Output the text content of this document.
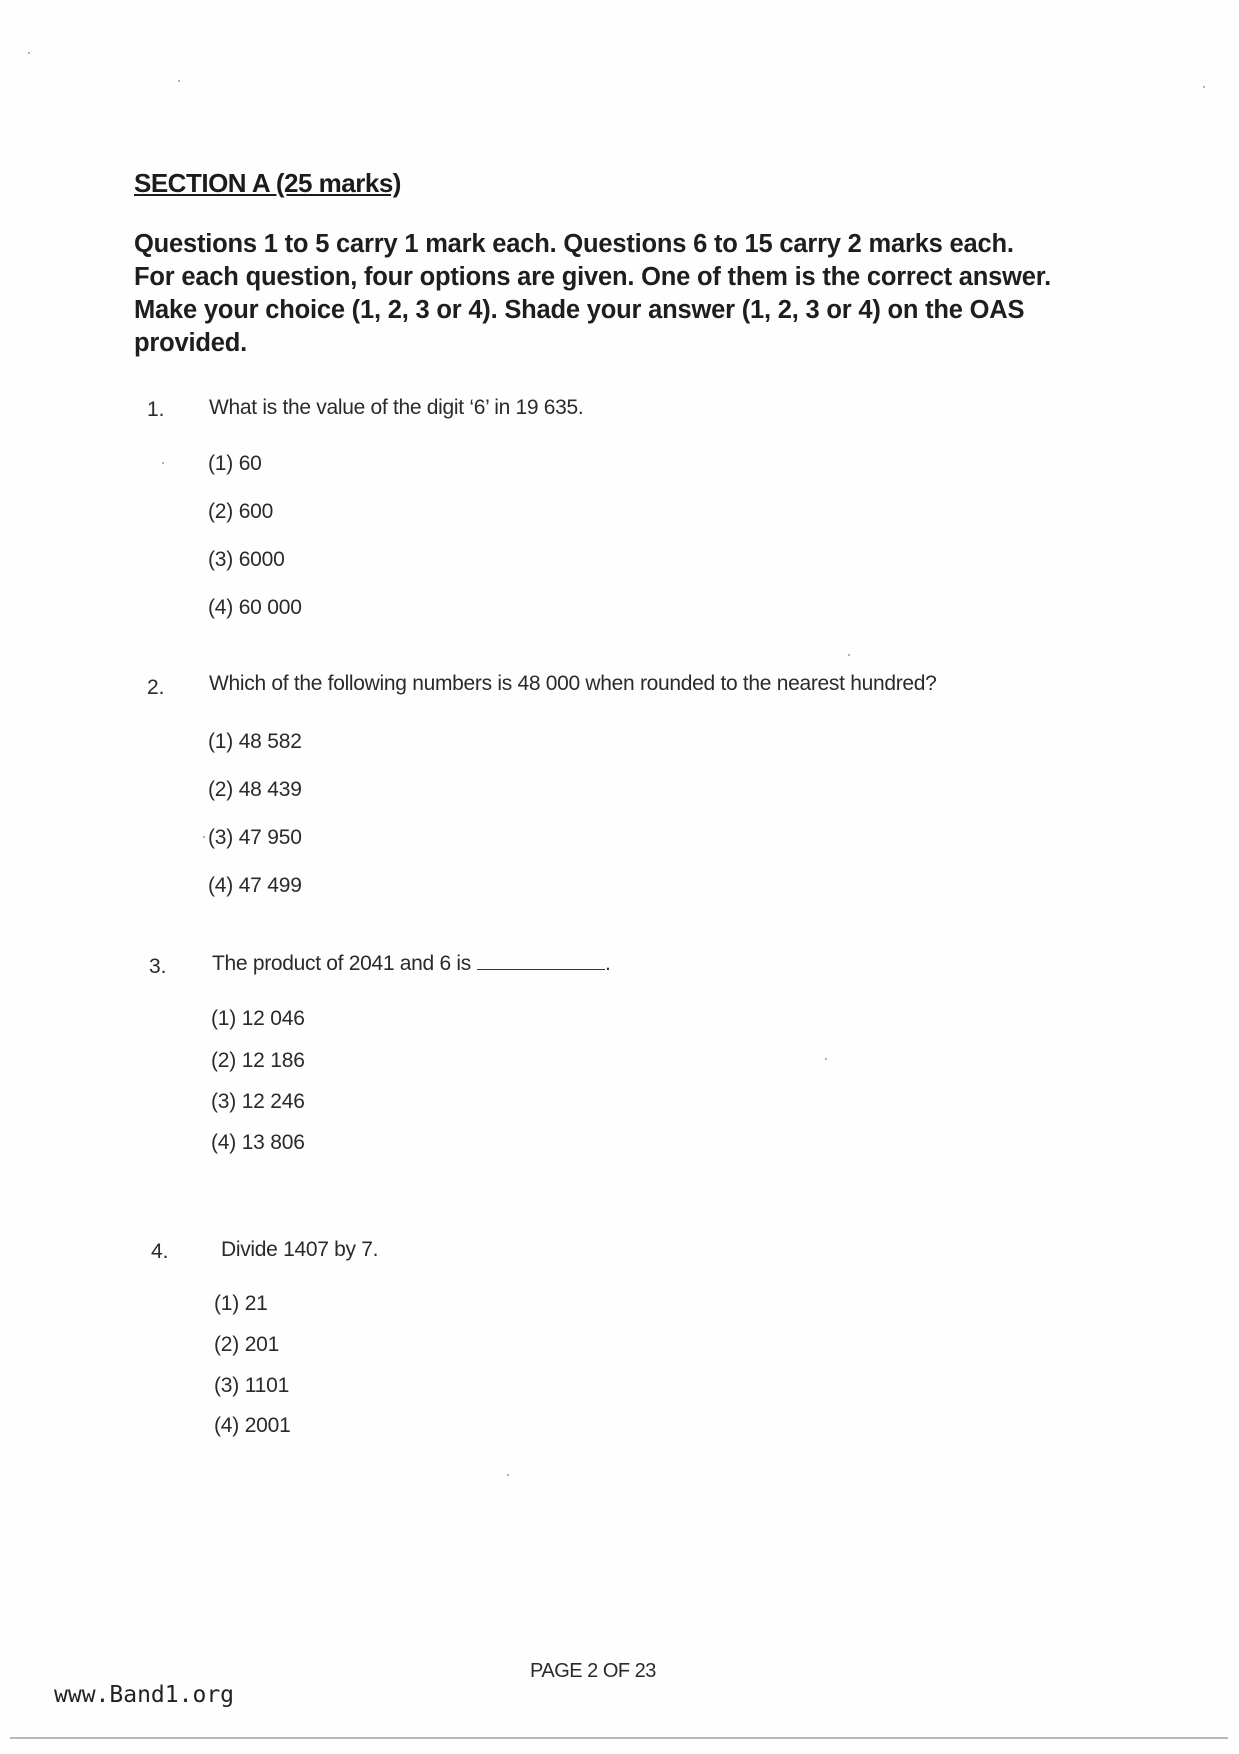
SECTION A (25 marks)
Questions 1 to 5 carry 1 mark each. Questions 6 to 15 carry 2 marks each. For each question, four options are given. One of them is the correct answer. Make your choice (1, 2, 3 or 4). Shade your answer (1, 2, 3 or 4) on the OAS provided.
1. What is the value of the digit ‘6’ in 19 635.
(1) 60
(2) 600
(3) 6000
(4) 60 000
2. Which of the following numbers is 48 000 when rounded to the nearest hundred?
(1) 48 582
(2) 48 439
(3) 47 950
(4) 47 499
3. The product of 2041 and 6 is	.
(1) 12 046
(2) 12 186
(3) 12 246
(4) 13 806
4. Divide 1407 by 7.
(1) 21
(2) 201
(3) 1101
(4) 2001
PAGE 2 OF 23
www.Band1.org
